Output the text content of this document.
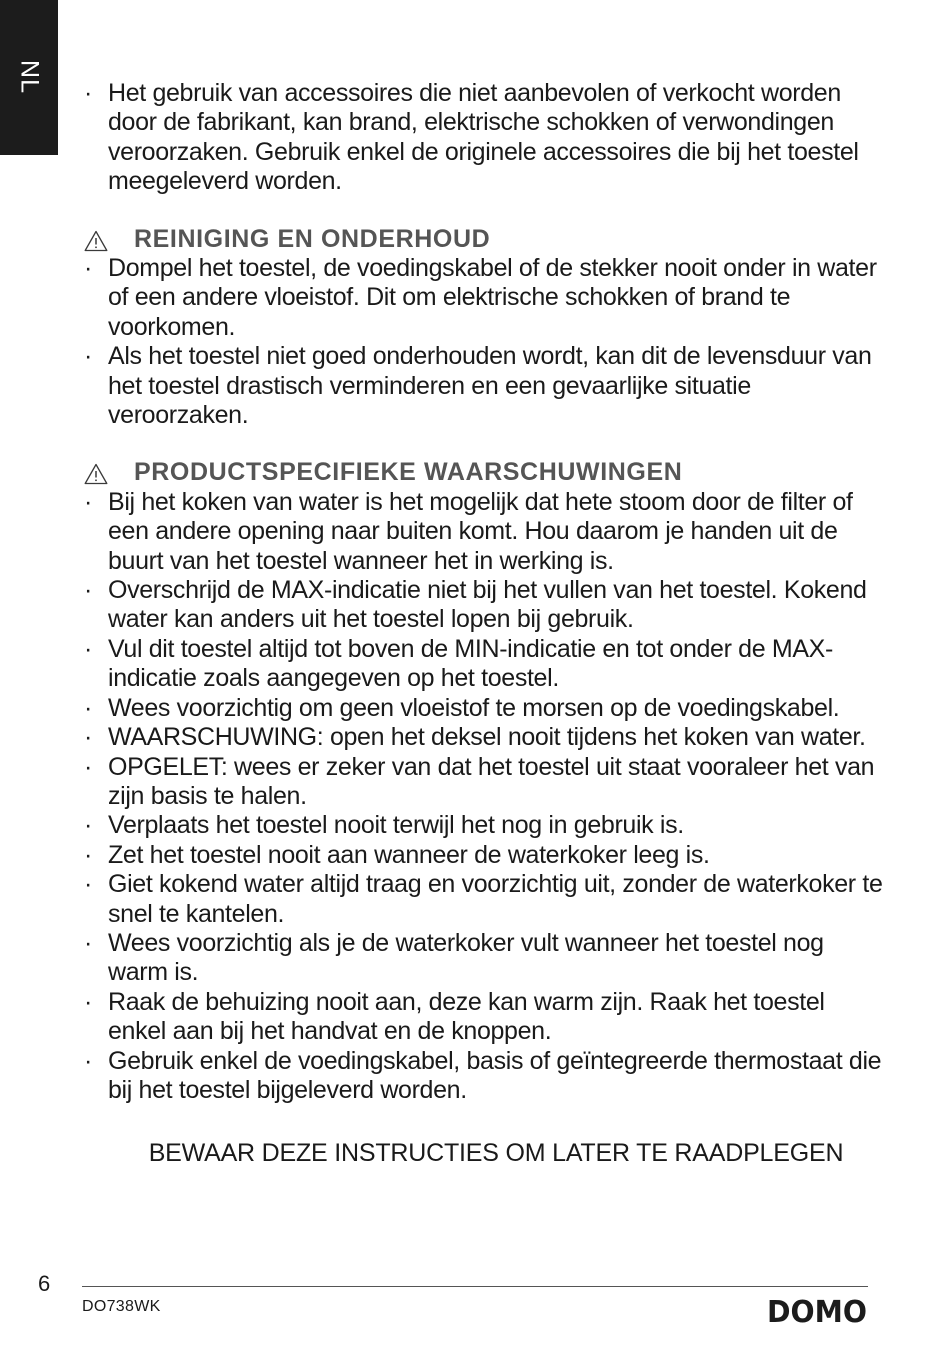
NL · Het gebruik van accessoires die niet aanbevolen of verkocht worden door de fabrikant, kan brand, elektrische schokken of verwondingen veroorzaken. Gebruik enkel de originele accessoires die bij het toestel meegeleverd worden.
REINIGING EN ONDERHOUD
· Dompel het toestel, de voedingskabel of de stekker nooit onder in water of een andere vloeistof. Dit om elektrische schokken of brand te voorkomen.
· Als het toestel niet goed onderhouden wordt, kan dit de levensduur van het toestel drastisch verminderen en een gevaarlijke situatie veroorzaken.
PRODUCTSPECIFIEKE WAARSCHUWINGEN
· Bij het koken van water is het mogelijk dat hete stoom door de filter of een andere opening naar buiten komt. Hou daarom je handen uit de buurt van het toestel wanneer het in werking is.
· Overschrijd de MAX-indicatie niet bij het vullen van het toestel. Kokend water kan anders uit het toestel lopen bij gebruik.
· Vul dit toestel altijd tot boven de MIN-indicatie en tot onder de MAX-indicatie zoals aangegeven op het toestel.
· Wees voorzichtig om geen vloeistof te morsen op de voedingskabel.
· WAARSCHUWING: open het deksel nooit tijdens het koken van water.
· OPGELET: wees er zeker van dat het toestel uit staat vooraleer het van zijn basis te halen.
· Verplaats het toestel nooit terwijl het nog in gebruik is.
· Zet het toestel nooit aan wanneer de waterkoker leeg is.
· Giet kokend water altijd traag en voorzichtig uit, zonder de waterkoker te snel te kantelen.
· Wees voorzichtig als je de waterkoker vult wanneer het toestel nog warm is.
· Raak de behuizing nooit aan, deze kan warm zijn. Raak het toestel enkel aan bij het handvat en de knoppen.
· Gebruik enkel de voedingskabel, basis of geïntegreerde thermostaat die bij het toestel bijgeleverd worden.
BEWAAR DEZE INSTRUCTIES OM LATER TE RAADPLEGEN
6
DO738WK	DOMO
